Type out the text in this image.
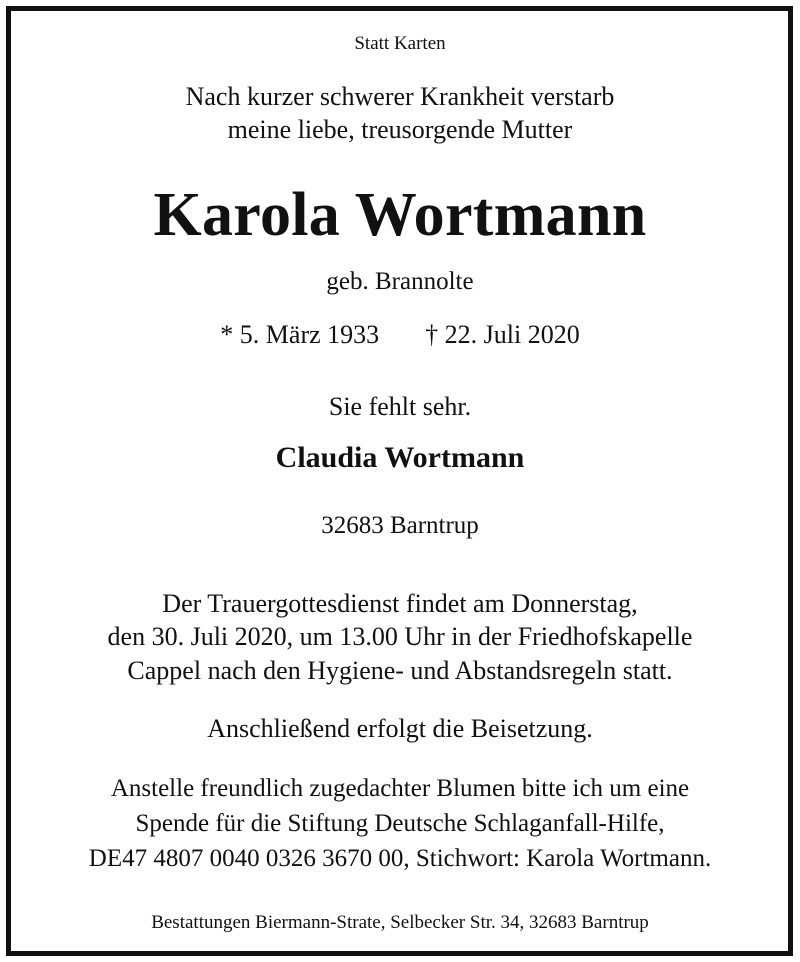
Statt Karten

Nach kurzer schwerer Krankheit verstarb

meine liebe, treusorgende Mutter

Karola Wortmann

geb. Brannolte

* 5. März 1933 † 22. Juli 2020

Sie fehlt sehr.

Claudia Wortmann

32683 Barntrup

Der Trauergottesdienst findet am Donnerstag,

den 30. Juli 2020, um 13.00 Uhr in der Friedhofskapelle

Cappel nach den Hygiene- und Abstandsregeln statt.

Anschließend erfolgt die Beisetzung.

Anstelle freundlich zugedachter Blumen bitte ich um eine

Spende für die Stiftung Deutsche Schlaganfall-Hilfe,

DE47 4807 0040 0326 3670 00, Stichwort: Karola Wortmann.

Bestattungen Biermann-Strate, Selbecker Str. 34, 32683 Barntrup
